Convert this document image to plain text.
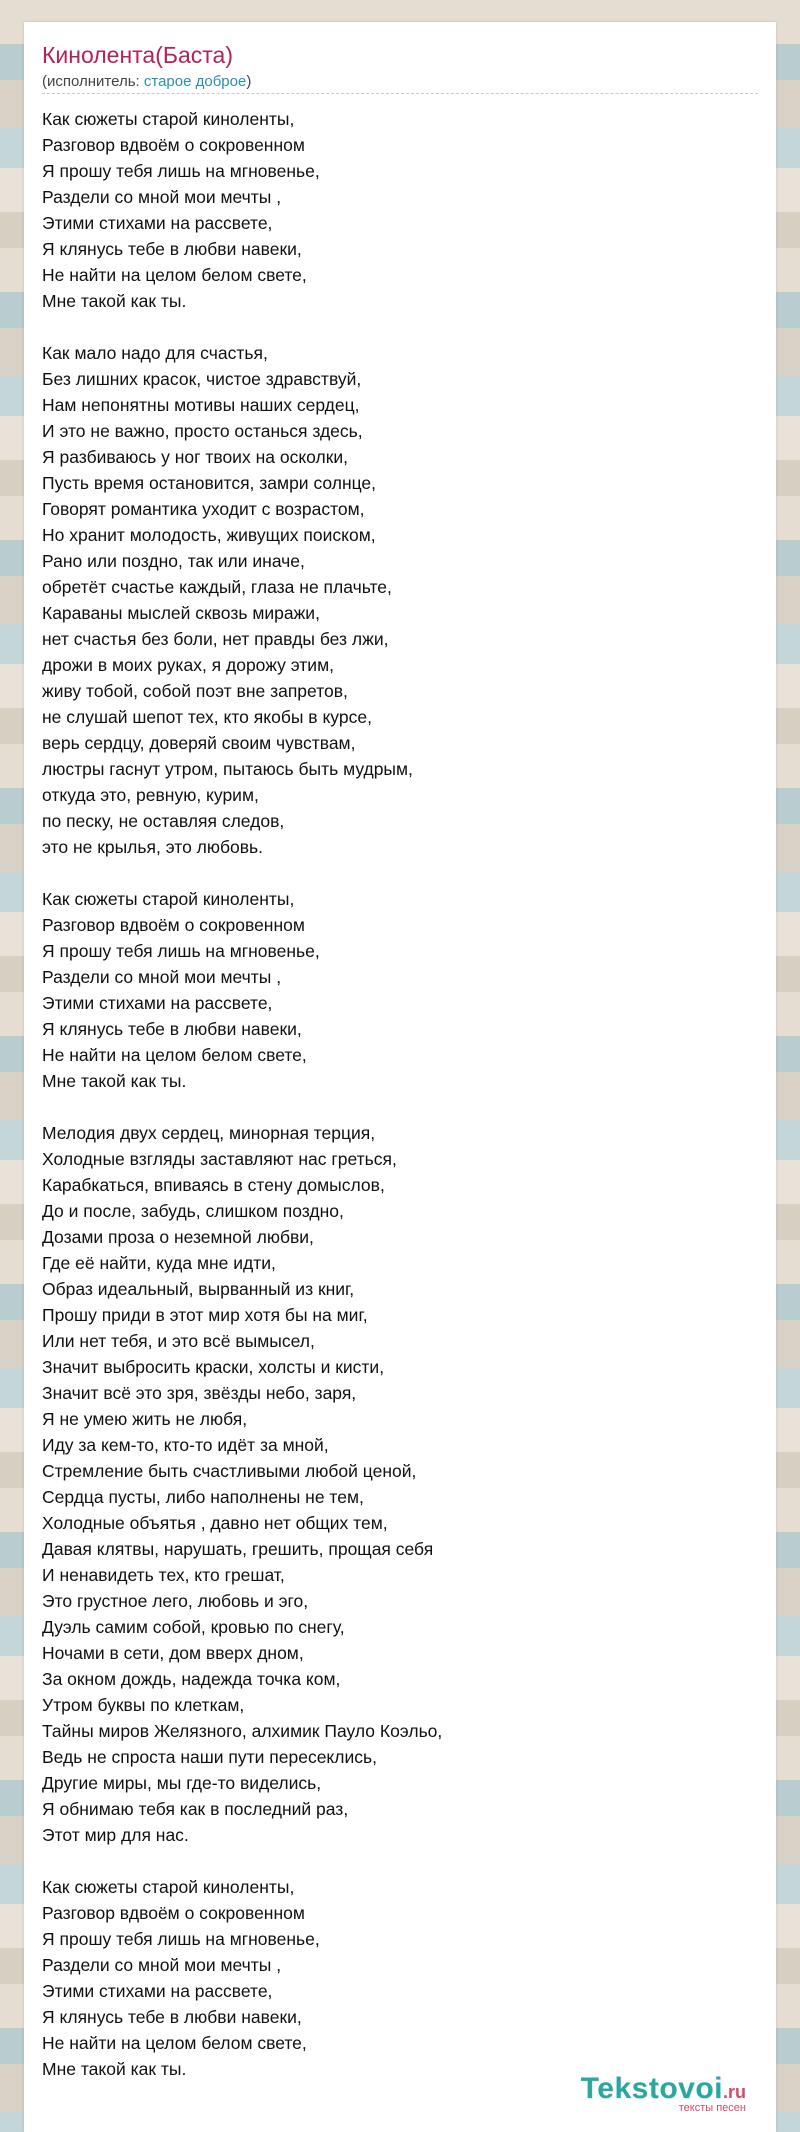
Кинолента(Баста)
(исполнитель: старое доброе)
Как сюжеты старой киноленты,
Разговор вдвоём о сокровенном
Я прошу тебя лишь на мгновенье,
Раздели со мной мои мечты ,
Этими стихами на рассвете,
Я клянусь тебе в любви навеки,
Не найти на целом белом свете,
Мне такой как ты.
Как мало надо для счастья,
Без лишних красок, чистое здравствуй,
Нам непонятны мотивы наших сердец,
И это не важно, просто останься здесь,
Я разбиваюсь у ног твоих на осколки,
Пусть время остановится, замри солнце,
Говорят романтика уходит с возрастом,
Но хранит молодость, живущих поиском,
Рано или поздно, так или иначе,
обретёт счастье каждый, глаза не плачьте,
Караваны мыслей сквозь миражи,
нет счастья без боли, нет правды без лжи,
дрожи в моих руках, я дорожу этим,
живу тобой, собой поэт вне запретов,
не слушай шепот тех, кто якобы в курсе,
верь сердцу, доверяй своим чувствам,
люстры гаснут утром, пытаюсь быть мудрым,
откуда это, ревную, курим,
по песку, не оставляя следов,
это не крылья, это любовь.
Как сюжеты старой киноленты,
Разговор вдвоём о сокровенном
Я прошу тебя лишь на мгновенье,
Раздели со мной мои мечты ,
Этими стихами на рассвете,
Я клянусь тебе в любви навеки,
Не найти на целом белом свете,
Мне такой как ты.
Мелодия двух сердец, минорная терция,
Холодные взгляды заставляют нас греться,
Карабкаться, впиваясь в стену домыслов,
До и после, забудь, слишком поздно,
Дозами проза о неземной любви,
Где её найти, куда мне идти,
Образ идеальный, вырванный из книг,
Прошу приди в этот мир хотя бы на миг,
Или нет тебя, и это всё вымысел,
Значит выбросить краски, холсты и кисти,
Значит всё это зря, звёзды небо, заря,
Я не умею жить не любя,
Иду за кем-то, кто-то идёт за мной,
Стремление быть счастливыми любой ценой,
Сердца пусты, либо наполнены не тем,
Холодные объятья , давно нет общих тем,
Давая клятвы, нарушать, грешить, прощая себя
И ненавидеть тех, кто грешат,
Это грустное лего, любовь и эго,
Дуэль самим собой, кровью по снегу,
Ночами в сети, дом вверх дном,
За окном дождь, надежда точка ком,
Утром буквы по клеткам,
Тайны миров Желязного, алхимик Пауло Коэльо,
Ведь не спроста наши пути пересеклись,
Другие миры, мы где-то виделись,
Я обнимаю тебя как в последний раз,
Этот мир для нас.
Как сюжеты старой киноленты,
Разговор вдвоём о сокровенном
Я прошу тебя лишь на мгновенье,
Раздели со мной мои мечты ,
Этими стихами на рассвете,
Я клянусь тебе в любви навеки,
Не найти на целом белом свете,
Мне такой как ты.
Tekstovoi.ru
тексты песен
